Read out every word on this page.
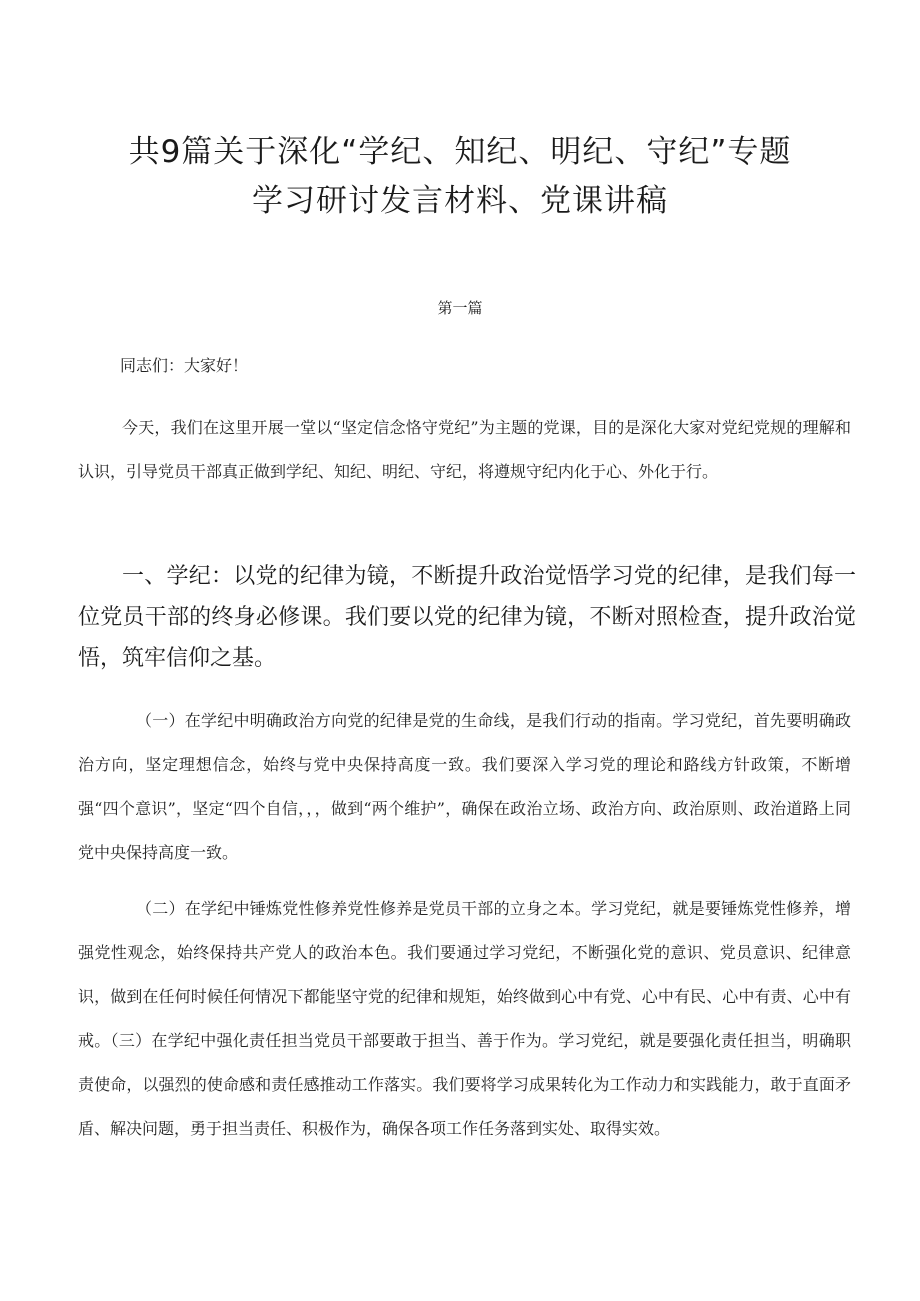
共9篇关于深化“学纪、知纪、明纪、守纪”专题
学习研讨发言材料、党课讲稿
第一篇

同志们：大家好！

今天，我们在这里开展一堂以“坚定信念恪守党纪”为主题的党课，目的是深化大家对党纪党规的理解和认识，引导党员干部真正做到学纪、知纪、明纪、守纪，将遵规守纪内化于心、外化于行。

一、学纪：以党的纪律为镜，不断提升政治觉悟学习党的纪律，是我们每一位党员干部的终身必修课。我们要以党的纪律为镜，不断对照检查，提升政治觉悟，筑牢信仰之基。

（一）在学纪中明确政治方向党的纪律是党的生命线，是我们行动的指南。学习党纪，首先要明确政治方向，坚定理想信念，始终与党中央保持高度一致。我们要深入学习党的理论和路线方针政策，不断增强“四个意识”，坚定“四个自信，，，做到“两个维护”，确保在政治立场、政治方向、政治原则、政治道路上同党中央保持高度一致。

（二）在学纪中锤炼党性修养党性修养是党员干部的立身之本。学习党纪，就是要锤炼党性修养，增强党性观念，始终保持共产党人的政治本色。我们要通过学习党纪，不断强化党的意识、党员意识、纪律意识，做到在任何时候任何情况下都能坚守党的纪律和规矩，始终做到心中有党、心中有民、心中有责、心中有戒。（三）在学纪中强化责任担当党员干部要敢于担当、善于作为。学习党纪，就是要强化责任担当，明确职责使命，以强烈的使命感和责任感推动工作落实。我们要将学习成果转化为工作动力和实践能力，敢于直面矛盾、解决问题，勇于担当责任、积极作为，确保各项工作任务落到实处、取得实效。
